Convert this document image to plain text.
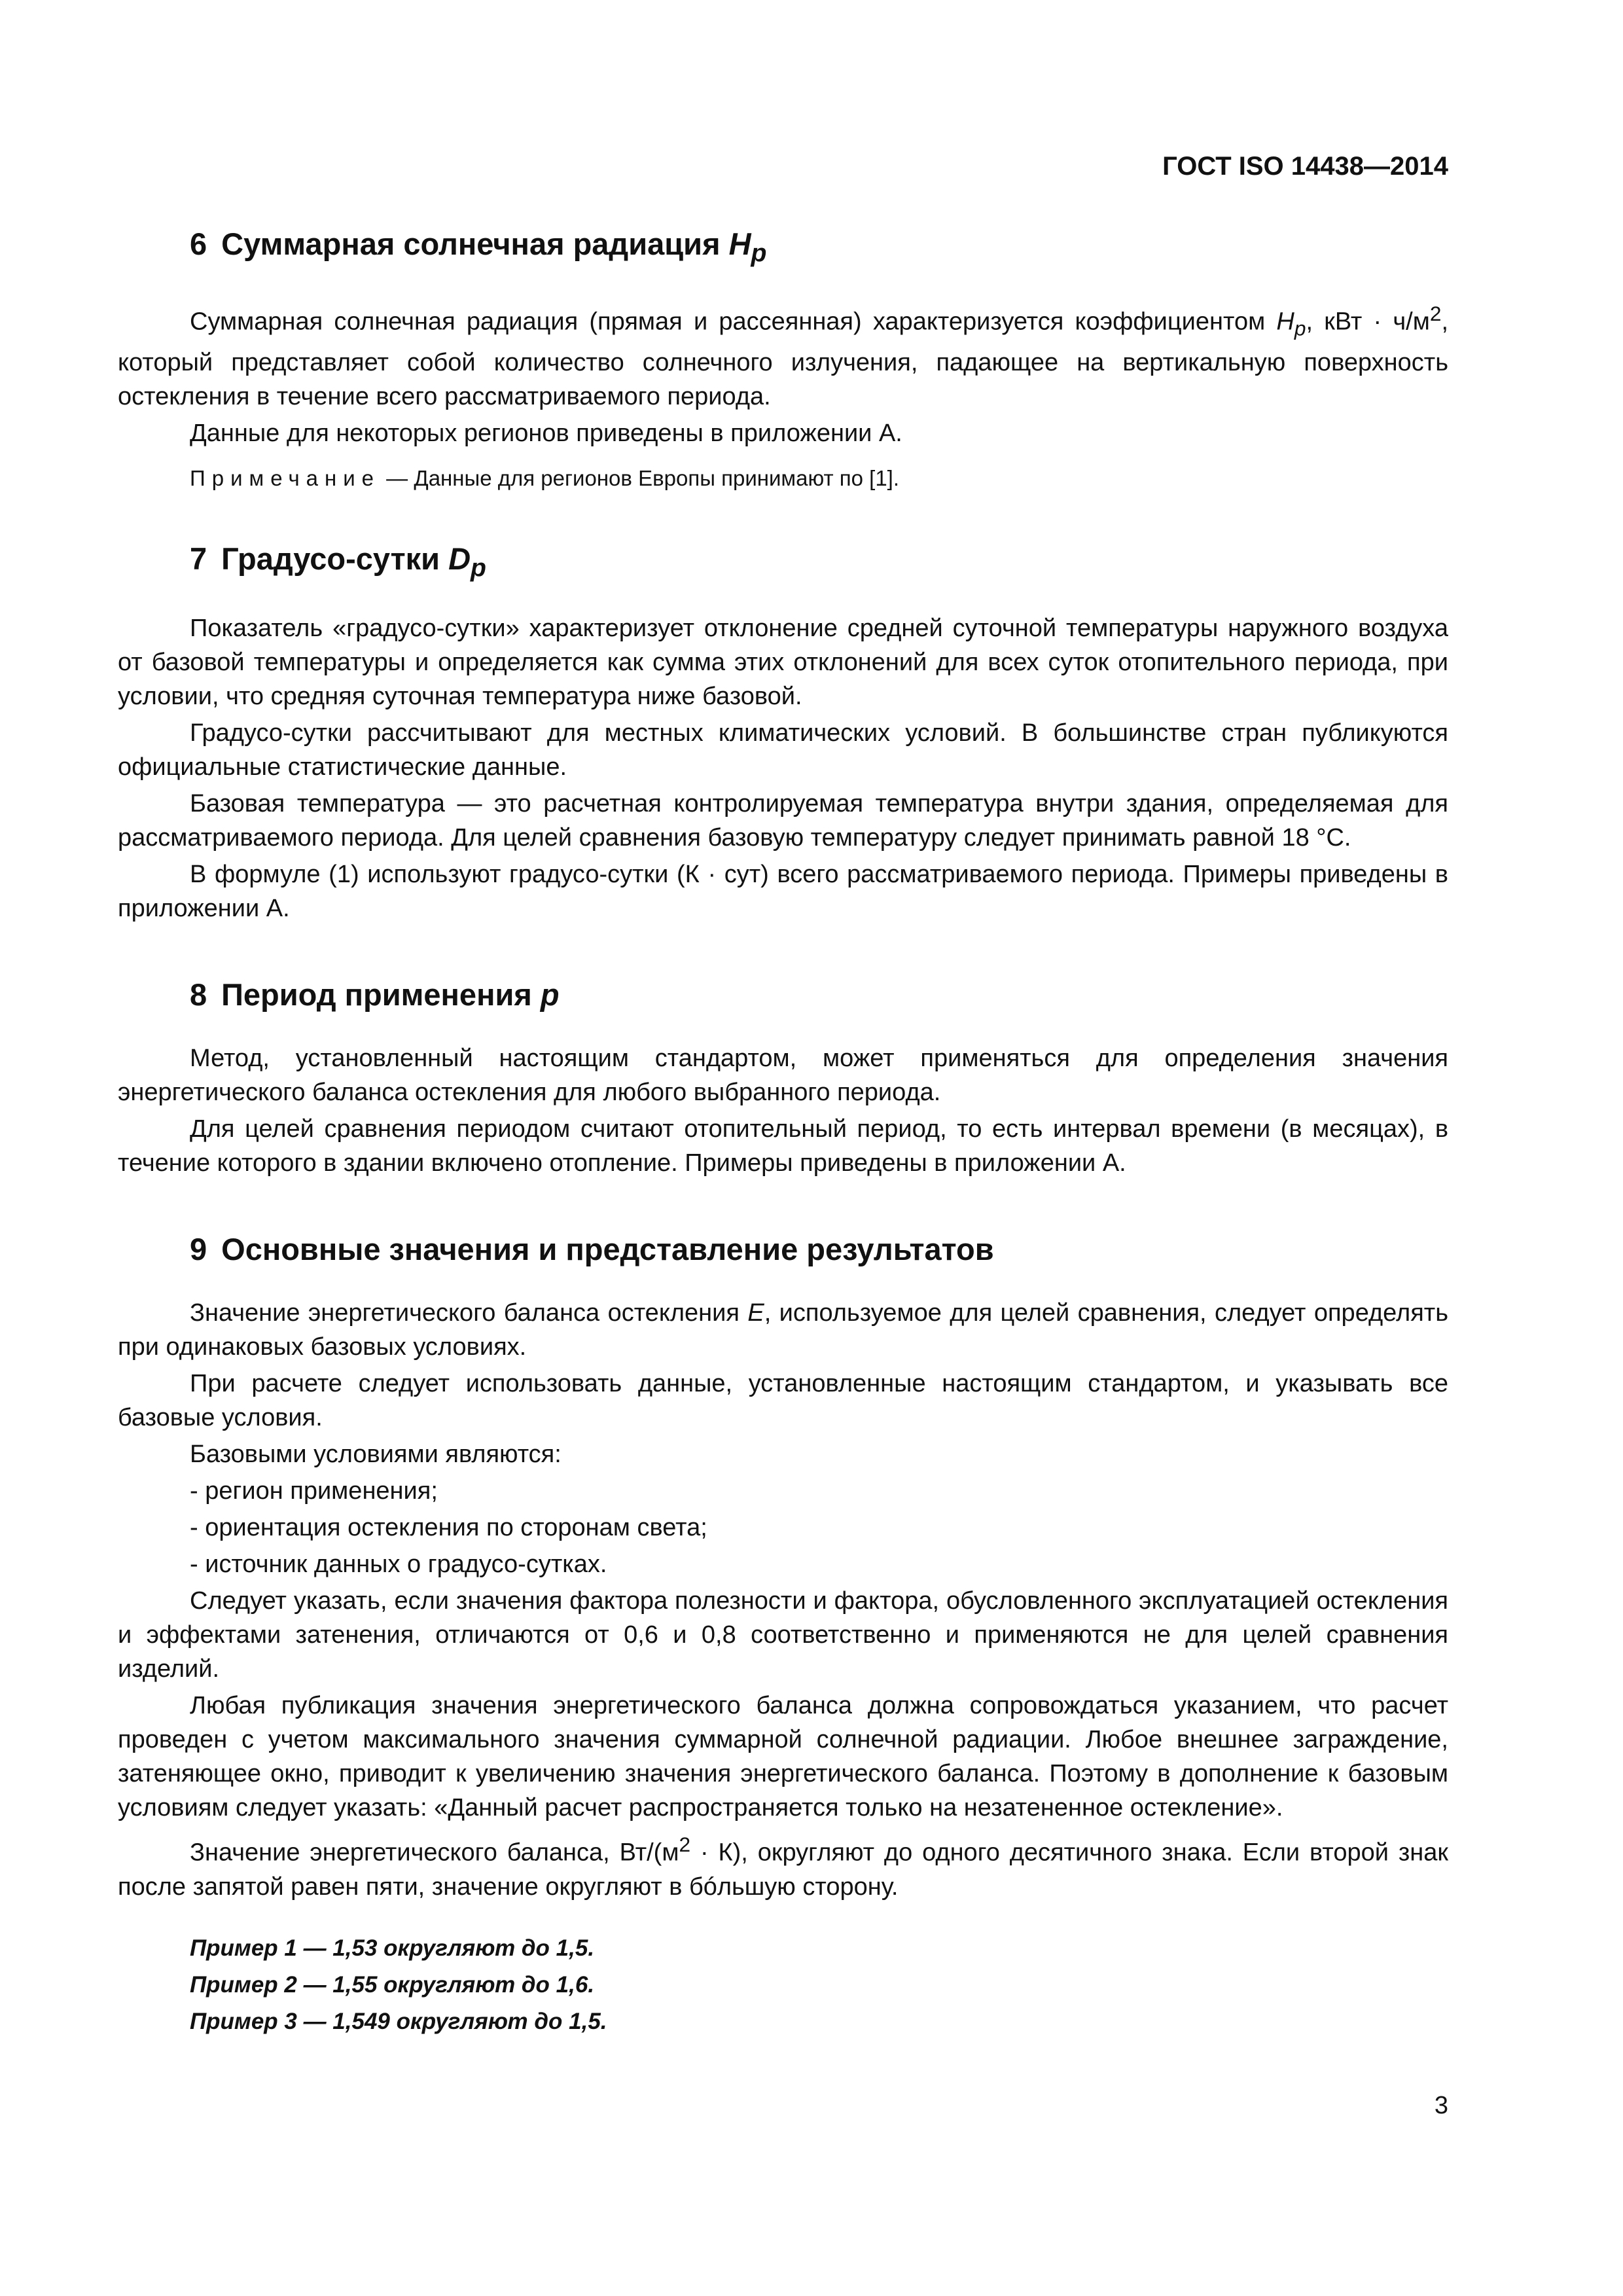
ГОСТ ISO 14438—2014
6 Суммарная солнечная радиация $H_p$

Суммарная солнечная радиация (прямая и рассеянная) характеризуется коэффициентом $H_p$, кВт · $ч/м^2$, который представляет собой количество солнечного излучения, падающее на вертикальную поверхность остекления в течение всего рассматриваемого периода.

Данные для некоторых регионов приведены в приложении А.

Примечание — Данные для регионов Европы принимают по [1].

7 Градусо-сутки $D_p$

Показатель «градусо-сутки» характеризует отклонение средней суточной температуры наружного воздуха от базовой температуры и определяется как сумма этих отклонений для всех суток отопительного периода, при условии, что средняя суточная температура ниже базовой.

Градусо-сутки рассчитывают для местных климатических условий. В большинстве стран публикуются официальные статистические данные.

Базовая температура — это расчетная контролируемая температура внутри здания, определяемая для рассматриваемого периода. Для целей сравнения базовую температуру следует принимать равной 18 °С.

В формуле (1) используют градусо-сутки (К · сут) всего рассматриваемого периода. Примеры приведены в приложении А.

8 Период применения p

Метод, установленный настоящим стандартом, может применяться для определения значения энергетического баланса остекления для любого выбранного периода.

Для целей сравнения периодом считают отопительный период, то есть интервал времени (в месяцах), в течение которого в здании включено отопление. Примеры приведены в приложении А.

9 Основные значения и представление результатов

Значение энергетического баланса остекления E, используемое для целей сравнения, следует определять при одинаковых базовых условиях.

При расчете следует использовать данные, установленные настоящим стандартом, и указывать все базовые условия.

Базовыми условиями являются:

- регион применения;

- ориентация остекления по сторонам света;

- источник данных о градусо-сутках.

Следует указать, если значения фактора полезности и фактора, обусловленного эксплуатацией остекления и эффектами затенения, отличаются от 0,6 и 0,8 соответственно и применяются не для целей сравнения изделий.

Любая публикация значения энергетического баланса должна сопровождаться указанием, что расчет проведен с учетом максимального значения суммарной солнечной радиации. Любое внешнее заграждение, затеняющее окно, приводит к увеличению значения энергетического баланса. Поэтому в дополнение к базовым условиям следует указать: «Данный расчет распространяется только на незатененное остекление».

Значение энергетического баланса, $Вт/(м^2 \cdot К)$, округляют до одного десятичного знака. Если второй знак после запятой равен пяти, значение округляют в бóльшую сторону.

Пример 1 — 1,53 округляют до 1,5.
Пример 2 — 1,55 округляют до 1,6.
Пример 3 — 1,549 округляют до 1,5.
3
